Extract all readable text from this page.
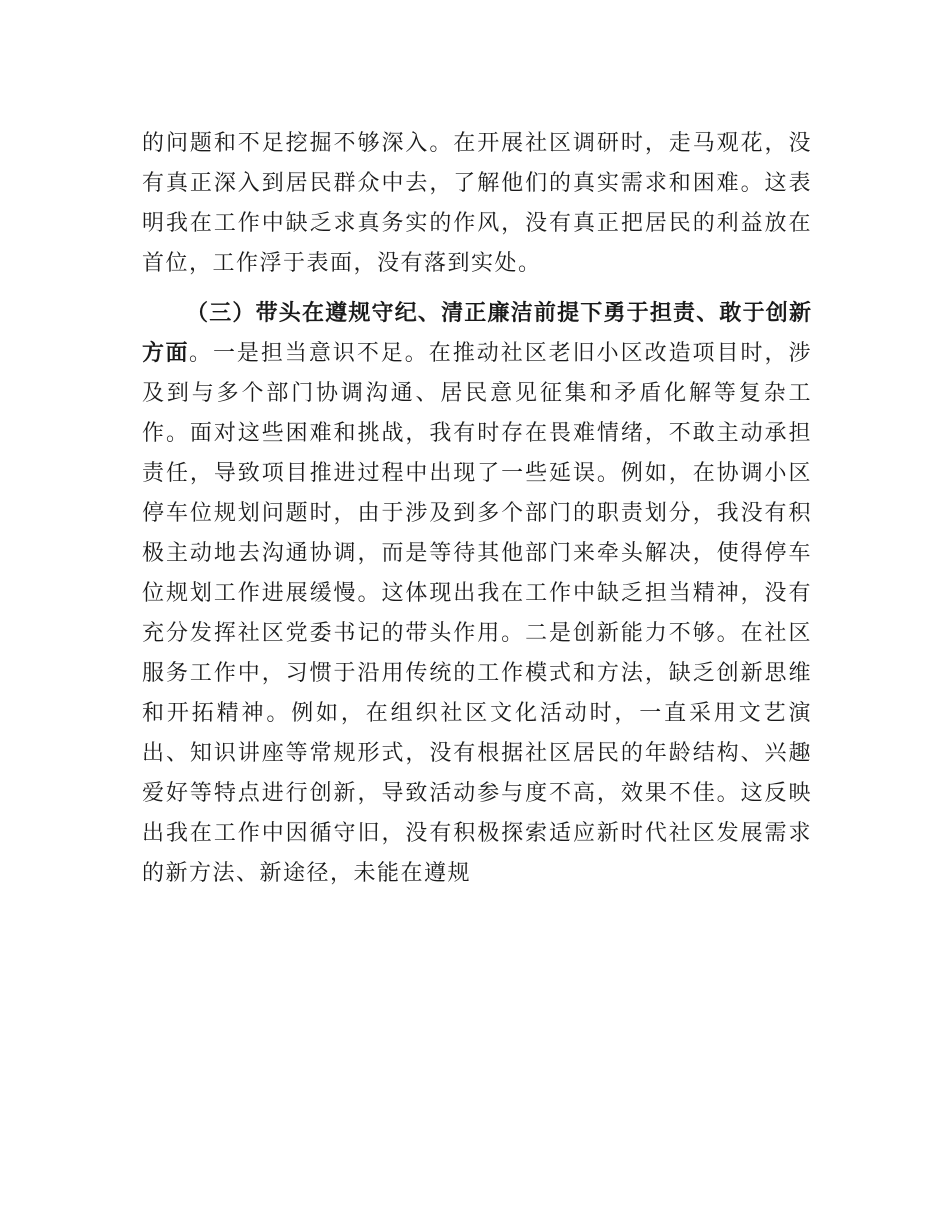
的问题和不足挖掘不够深入。在开展社区调研时，走马观花，没有真正深入到居民群众中去，了解他们的真实需求和困难。这表明我在工作中缺乏求真务实的作风，没有真正把居民的利益放在首位，工作浮于表面，没有落到实处。

（三）带头在遵规守纪、清正廉洁前提下勇于担责、敢于创新方面。一是担当意识不足。在推动社区老旧小区改造项目时，涉及到与多个部门协调沟通、居民意见征集和矛盾化解等复杂工作。面对这些困难和挑战，我有时存在畏难情绪，不敢主动承担责任，导致项目推进过程中出现了一些延误。例如，在协调小区停车位规划问题时，由于涉及到多个部门的职责划分，我没有积极主动地去沟通协调，而是等待其他部门来牵头解决，使得停车位规划工作进展缓慢。这体现出我在工作中缺乏担当精神，没有充分发挥社区党委书记的带头作用。二是创新能力不够。在社区服务工作中，习惯于沿用传统的工作模式和方法，缺乏创新思维和开拓精神。例如，在组织社区文化活动时，一直采用文艺演出、知识讲座等常规形式，没有根据社区居民的年龄结构、兴趣爱好等特点进行创新，导致活动参与度不高，效果不佳。这反映出我在工作中因循守旧，没有积极探索适应新时代社区发展需求的新方法、新途径，未能在遵规
